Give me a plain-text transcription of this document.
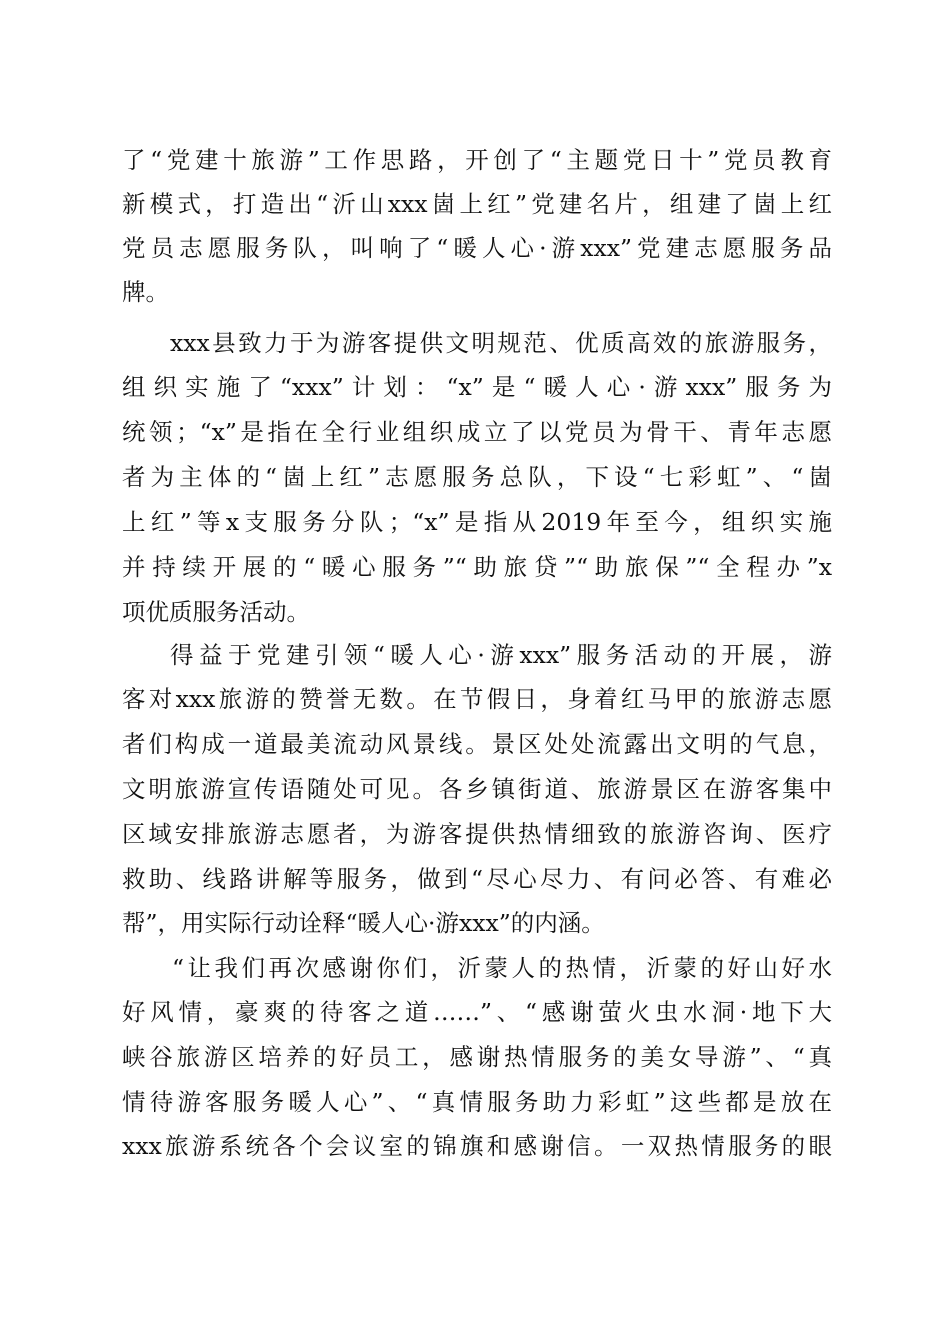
了“党建十旅游”工作思路，开创了“主题党日十”党员教育
新模式，打造出“沂山xxx崮上红”党建名片，组建了崮上红
党员志愿服务队，叫响了“暖人心·游xxx”党建志愿服务品
牌。
xxx县致力于为游客提供文明规范、优质高效的旅游服务，
组织实施了“xxx”计划：“x”是“暖人心·游xxx”服务为
统领；“x”是指在全行业组织成立了以党员为骨干、青年志愿
者为主体的“崮上红”志愿服务总队，下设“七彩虹”、“崮
上红”等x支服务分队；“x”是指从2019年至今，组织实施
并持续开展的“暖心服务”“助旅贷”“助旅保”“全程办”x
项优质服务活动。
得益于党建引领“暖人心·游xxx”服务活动的开展，游
客对xxx旅游的赞誉无数。在节假日，身着红马甲的旅游志愿
者们构成一道最美流动风景线。景区处处流露出文明的气息，
文明旅游宣传语随处可见。各乡镇街道、旅游景区在游客集中
区域安排旅游志愿者，为游客提供热情细致的旅游咨询、医疗
救助、线路讲解等服务，做到“尽心尽力、有问必答、有难必
帮”，用实际行动诠释“暖人心·游xxx”的内涵。
“让我们再次感谢你们，沂蒙人的热情，沂蒙的好山好水
好风情，豪爽的待客之道……”、“感谢萤火虫水洞·地下大
峡谷旅游区培养的好员工，感谢热情服务的美女导游”、“真
情待游客服务暖人心”、“真情服务助力彩虹”这些都是放在
xxx旅游系统各个会议室的锦旗和感谢信。一双热情服务的眼
